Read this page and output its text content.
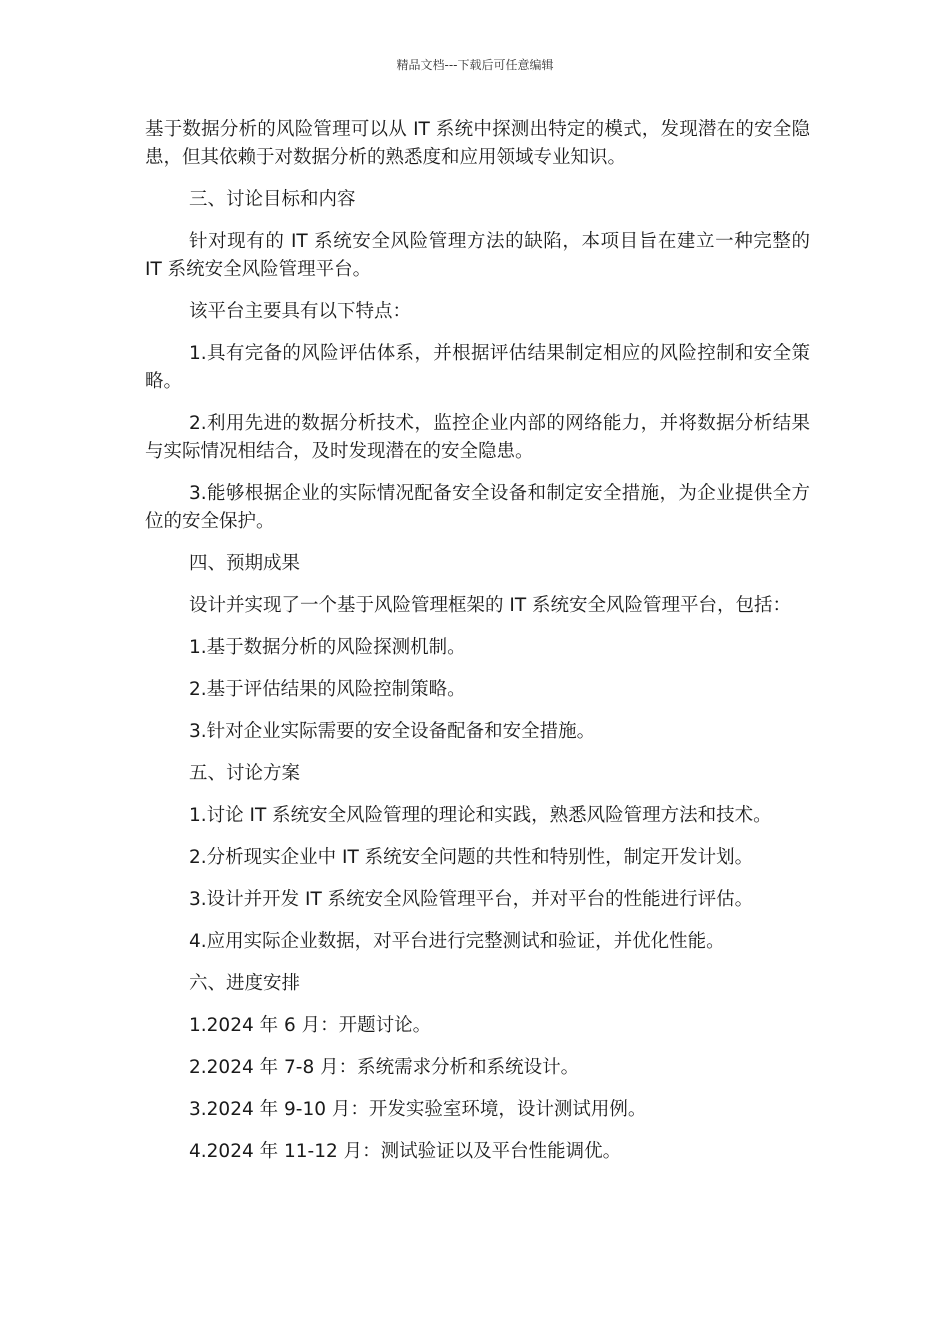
精品文档---下载后可任意编辑

基于数据分析的风险管理可以从 IT 系统中探测出特定的模式，发现潜在的安全隐患，但其依赖于对数据分析的熟悉度和应用领域专业知识。

三、讨论目标和内容

针对现有的 IT 系统安全风险管理方法的缺陷，本项目旨在建立一种完整的 IT 系统安全风险管理平台。

该平台主要具有以下特点：

1.具有完备的风险评估体系，并根据评估结果制定相应的风险控制和安全策略。

2.利用先进的数据分析技术，监控企业内部的网络能力，并将数据分析结果与实际情况相结合，及时发现潜在的安全隐患。

3.能够根据企业的实际情况配备安全设备和制定安全措施，为企业提供全方位的安全保护。

四、预期成果

设计并实现了一个基于风险管理框架的 IT 系统安全风险管理平台，包括：

1.基于数据分析的风险探测机制。

2.基于评估结果的风险控制策略。

3.针对企业实际需要的安全设备配备和安全措施。

五、讨论方案

1.讨论 IT 系统安全风险管理的理论和实践，熟悉风险管理方法和技术。

2.分析现实企业中 IT 系统安全问题的共性和特别性，制定开发计划。

3.设计并开发 IT 系统安全风险管理平台，并对平台的性能进行评估。

4.应用实际企业数据，对平台进行完整测试和验证，并优化性能。

六、进度安排

1.2024 年 6 月：开题讨论。

2.2024 年 7-8 月：系统需求分析和系统设计。

3.2024 年 9-10 月：开发实验室环境，设计测试用例。

4.2024 年 11-12 月：测试验证以及平台性能调优。
